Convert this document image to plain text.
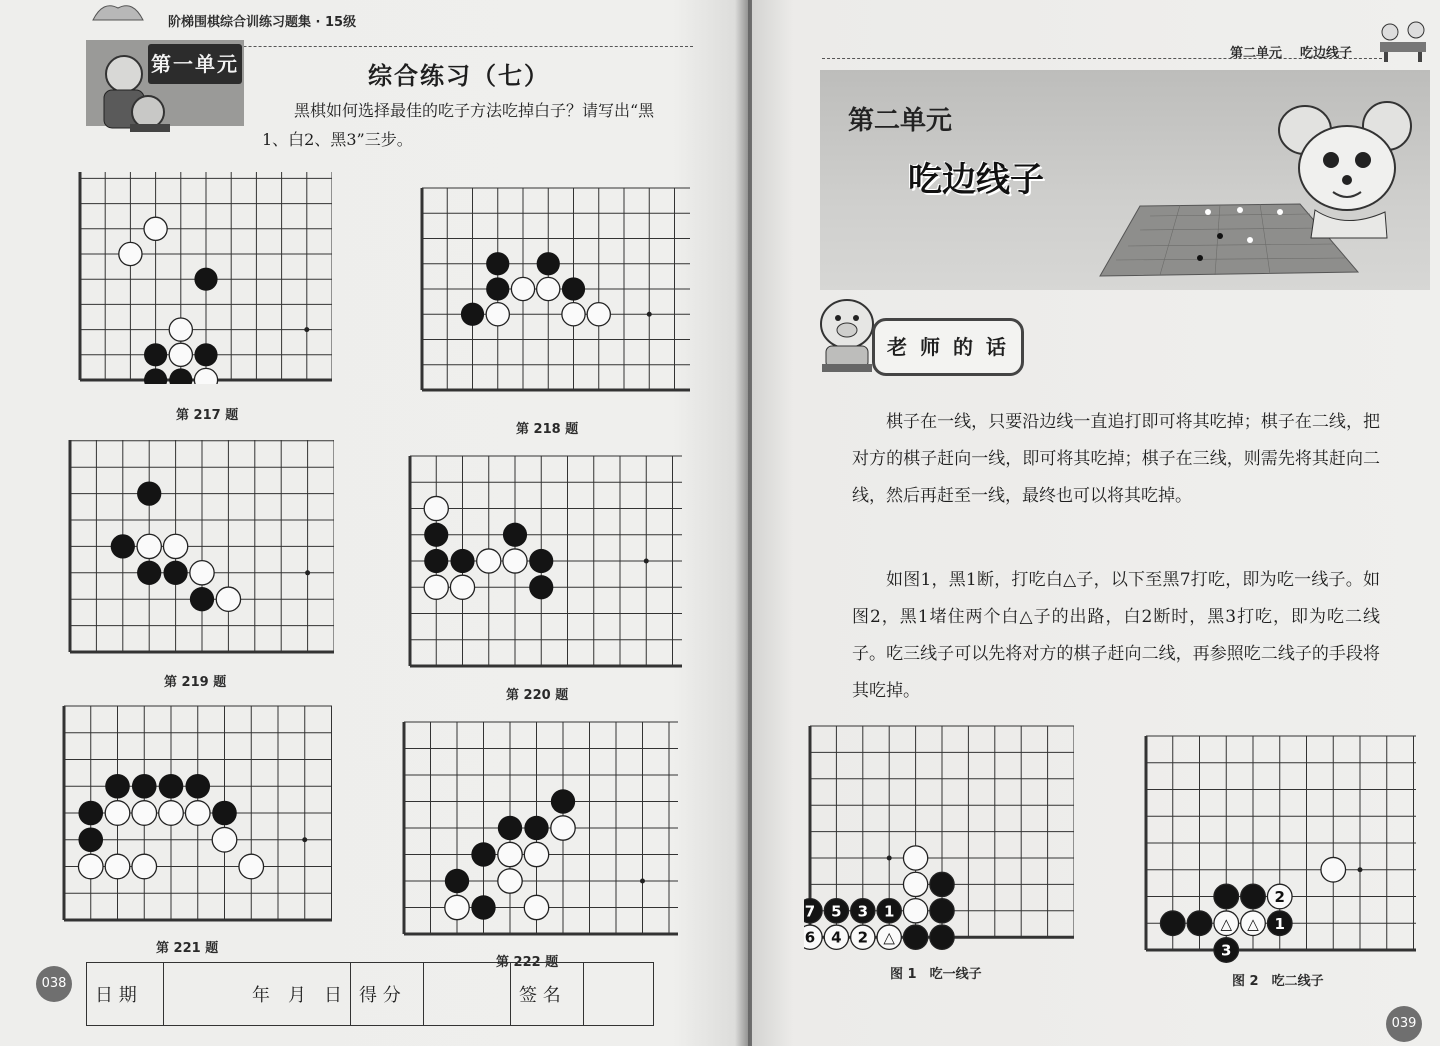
阶梯围棋综合训练习题集 · 15级
第一单元	综合练习（七）
黑棋如何选择最佳的吃子方法吃掉白子？请写出“黑1、白2、黑3”三步。
第 217 题
第 218 题
第 219 题
第 220 题
第 221 题
第 222 题
038
日 期	年　月　日	得 分		签 名	
第二单元 吃边线子
第二单元
吃边线子
老 师 的 话
棋子在一线，只要沿边线一直追打即可将其吃掉；棋子在二线，把对方的棋子赶向一线，即可将其吃掉；棋子在三线，则需先将其赶向二线，然后再赶至一线，最终也可以将其吃掉。
如图1，黑1断，打吃白△子，以下至黑7打吃，即为吃一线子。如图2，黑1堵住两个白△子的出路，白2断时，黑3打吃，即为吃二线子。吃三线子可以先将对方的棋子赶向二线，再参照吃二线子的手段将其吃掉。
7 5 3 1
6 4 2 △
图 1　吃一线子
△ △ 1
2
3
图 2　吃二线子
039
